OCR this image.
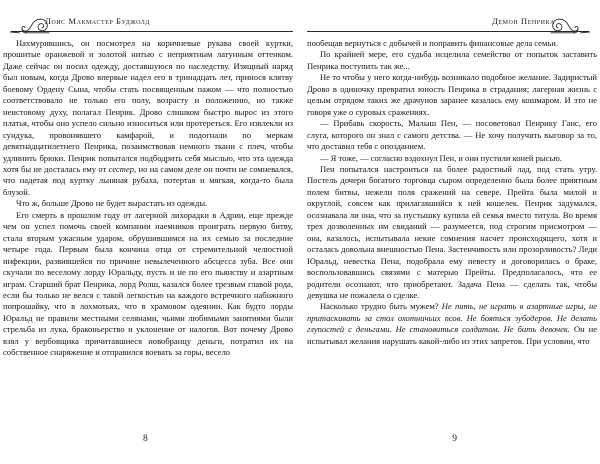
Лоис Макмастер Буджолд

Нахмурившись, он посмотрел на коричневые рукава своей куртки, прошитые оранжевой и золотой нитью с неприятным латунным оттенком. Даже сейчас он носил одежду, доставшуюся по наследству. Изящный наряд был новым, когда Дрово впервые надел его в тринадцать лет, принося клятву боевому Ордену Сына, чтобы стать посвященным пажом — что полностью соответствовало не только его полу, возрасту и положению, но также неистовому духу, полагал Пенрик. Дрово слишком быстро вырос из этого платья, чтобы оно успело сильно износиться или протереться. Его извлекли из сундука, провонявшего камфарой, и подогнали по меркам девятнадцатилетнего Пенрика, позаимствовав немного ткани с плеч, чтобы удлинить брюки. Пенрик попытался подбодрить себя мыслью, что эта одежда хотя бы не досталась ему от сестер, но на самом деле он почти не сомневался, что надетая под куртку льняная рубаха, потертая и мягкая, когда-то была блузой.

Что ж, больше Дрово не будет вырастать из одежды.

Его смерть в прошлом году от лагерной лихорадки в Адрии, еще прежде чем он успел помочь своей компании наемников проиграть первую битву, стала вторым ужасным ударом, обрушившимся на их семью за последние четыре года. Первым была кончина отца от стремительной челюстной инфекции, развившейся по причине невылеченного абсцесса зуба. Все они скучали по веселому лорду Юральду, пусть и не по его пьянству и азартным играм. Старший брат Пенрика, лорд Ролш, казался более трезвым главой рода, если бы только не велся с такой легкостью на каждого встречного набожного попрошайку, что в лохмотьях, что в храмовом одеянии. Как будто лорды Юральд не правили местными селянами, чьими любимыми занятиями были стрельба из лука, браконьерство и уклонение от налогов. Вот почему Дрово взял у вербовщика причитавшиеся новобранцу деньги, потратил их на собственное снаряжение и отправился воевать за горы, весело

8
Демон Пенрика

пообещав вернуться с добычей и поправить финансовые дела семьи.

По крайней мере, его судьба исцелила семейство от попыток заставить Пенрика поступить так же...

Не то чтобы у него когда-нибудь возникало подобное желание. Задиристый Дрово в одиночку превратил юность Пенрика в страдания; лагерная жизнь с целым отрядом таких же драчунов заранее казалась ему кошмаром. И это не говоря уже о суровых сражениях.

— Прибавь скорость, Малыш Пен, — посоветовал Пенрику Ганс, его слуга, которого он знал с самого детства. — Не хочу получить выговор за то, что доставил тебя с опозданием.

— Я тоже, — согласно вздохнул Пен, и они пустили коней рысью.

Пен попытался настроиться на более радостный лад, под стать утру. Постель дочери богатого торговца сыром определенно была более приятным полем битвы, нежели поля сражений на севере. Прейта была милой и округлой, совсем как прилагавшийся к ней кошелек. Пенрик задумался, осознавала ли она, что за пустышку купила ей семья вместо титула. Во время трех дозволенных им свиданий — разумеется, под строгим присмотром — она, казалось, испытывала некие сомнения насчет происходящего, хотя и осталась довольна внешностью Пена. Застенчивость или прозорливость? Леди Юральд, невестка Пена, подобрала ему невесту и договорилась о браке, воспользовавшись связями с матерью Прейты. Предполагалось, что ее родители осознают, что приобретают. Задача Пена — сделать так, чтобы девушка не пожалела о сделке.

Насколько трудно быть мужем? Не пить, не играть в азартные игры, не притаскивать за стол охотничьих псов. Не бояться зубодеров. Не делать глупостей с деньгами. Не становиться солдатом. Не бить девочек. Он не испытывал желания нарушать какой-либо из этих запретов. При условии, что

9
